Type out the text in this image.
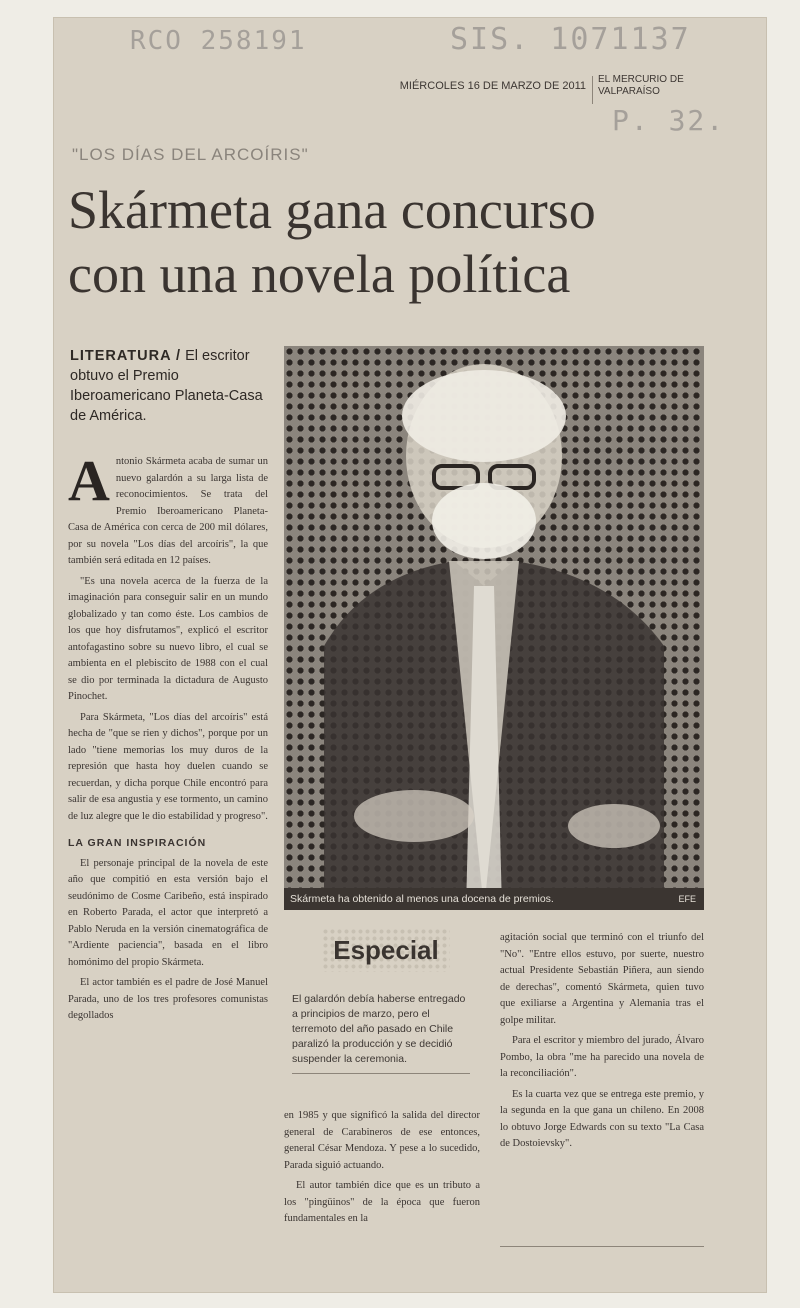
RCO 258191	SIS. 1071137
P. 32.
MIÉRCOLES 16 DE MARZO DE 2011
EL MERCURIO DE VALPARAÍSO
"LOS DÍAS DEL ARCOÍRIS"
Skármeta gana concurso
con una novela política
LITERATURA / El escritor obtuvo el Premio Iberoamericano Planeta-Casa de América.

Antonio Skármeta acaba de sumar un nuevo galardón a su larga lista de reconocimientos. Se trata del Premio Iberoamericano Planeta-Casa de América con cerca de 200 mil dólares, por su novela "Los días del arcoíris", la que también será editada en 12 países.

"Es una novela acerca de la fuerza de la imaginación para conseguir salir en un mundo globalizado y tan como éste. Los cambios de los que hoy disfrutamos", explicó el escritor antofagastino sobre su nuevo libro, el cual se ambienta en el plebiscito de 1988 con el cual se dio por terminada la dictadura de Augusto Pinochet.

Para Skármeta, "Los días del arcoíris" está hecha de "que se rien y dichos", porque por un lado "tiene memorias los muy duros de la represión que hasta hoy duelen cuando se recuerdan, y dicha porque Chile encontró para salir de esa angustia y ese tormento, un camino de luz alegre que le dio estabilidad y progreso".

LA GRAN INSPIRACIÓN

El personaje principal de la novela de este año que compitió en esta versión bajo el seudónimo de Cosme Caribeño, está inspirado en Roberto Parada, el actor que interpretó a Pablo Neruda en la versión cinematográfica de "Ardiente paciencia", basada en el libro homónimo del propio Skármeta.

El actor también es el padre de José Manuel Parada, uno de los tres profesores comunistas degollados

Skármeta ha obtenido al menos una docena de premios.	EFE
Especial
El galardón debía haberse entregado a principios de marzo, pero el terremoto del año pasado en Chile paralizó la producción y se decidió suspender la ceremonia.

en 1985 y que significó la salida del director general de Carabineros de ese entonces, general César Mendoza. Y pese a lo sucedido, Parada siguió actuando.

El autor también dice que es un tributo a los "pingüinos" de la época que fueron fundamentales en la

agitación social que terminó con el triunfo del "No". "Entre ellos estuvo, por suerte, nuestro actual Presidente Sebastián Piñera, aun siendo de derechas", comentó Skármeta, quien tuvo que exiliarse a Argentina y Alemania tras el golpe militar.

Para el escritor y miembro del jurado, Álvaro Pombo, la obra "me ha parecido una novela de la reconciliación".

Es la cuarta vez que se entrega este premio, y la segunda en la que gana un chileno. En 2008 lo obtuvo Jorge Edwards con su texto "La Casa de Dostoievsky".
